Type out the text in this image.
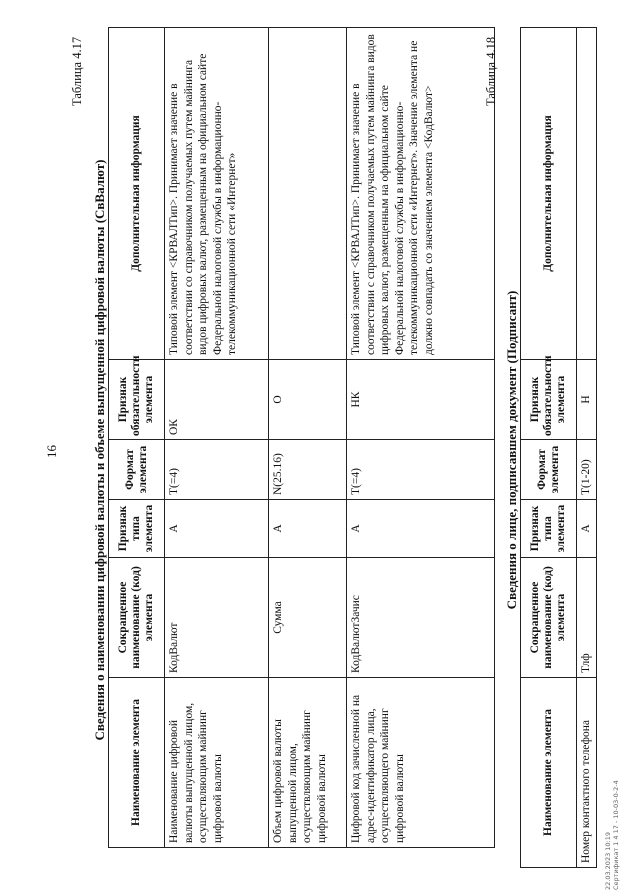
16
Таблица 4.17
Сведения о наименовании цифровой валюты и объеме выпущенной цифровой валюты (СвВалют)
Наименование элемента	Сокращенное наименование (код) элемента	Признак типа элемента	Формат элемента	Признак обязательности элемента	Дополнительная информация
Наименование цифровой валюты выпущенной лицом, осуществляющим майнинг цифровой валюты	КодВалют	А	T(=4)	ОК	Типовой элемент <КРВАЛТип>. Принимает значение в соответствии со справочником получаемых путем майнинга видов цифровых валют, размещенным на официальном сайте Федеральной налоговой службы в информационно-телекоммуникационной сети «Интернет»
Объем цифровой валюты выпущенной лицом, осуществляющим майнинг цифровой валюты	Сумма	А	N(25.16)	О	
Цифровой код зачисленной на адрес-идентификатор лица, осуществляющего майнинг цифровой валюты	КодВалютЗачис	А	T(=4)	НК	Типовой элемент <КРВАЛТип>. Принимает значение в соответствии с справочником получаемых путем майнинга видов цифровых валют, размещенным на официальном сайте Федеральной налоговой службы в информационно-телекоммуникационной сети «Интернет». Значение элемента не должно совпадать со значением элемента <КодВалют>
Таблица 4.18
Сведения о лице, подписавшем документ (Подписант)
Наименование элемента	Сокращенное наименование (код) элемента	Признак типа элемента	Формат элемента	Признак обязательности элемента	Дополнительная информация
Номер контактного телефона	Тлф	А	T(1-20)	Н	
22.03.2023 10:19 Сертификат 1 4 17 - 10-03-0-2-4
